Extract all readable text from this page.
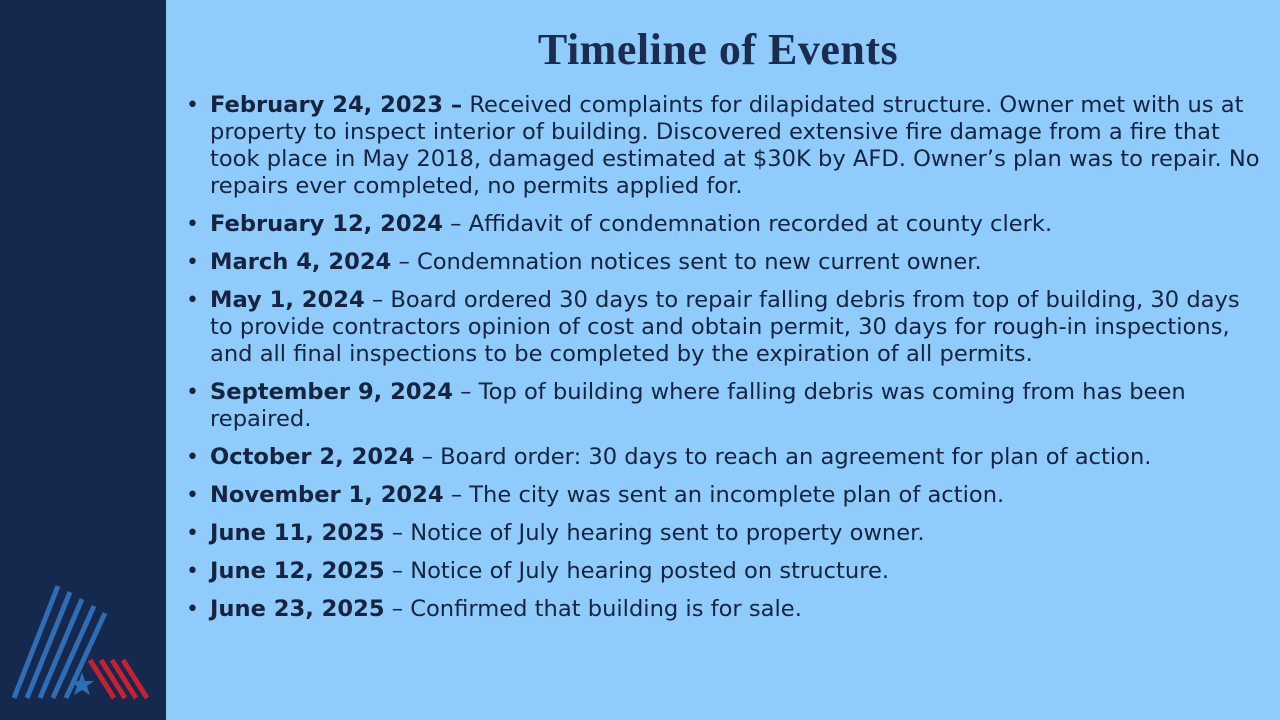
Timeline of Events
• February 24, 2023 – Received complaints for dilapidated structure. Owner met with us at property to inspect interior of building. Discovered extensive fire damage from a fire that took place in May 2018, damaged estimated at $30K by AFD. Owner’s plan was to repair. No repairs ever completed, no permits applied for.
• February 12, 2024 – Affidavit of condemnation recorded at county clerk.
• March 4, 2024 – Condemnation notices sent to new current owner.
• May 1, 2024 – Board ordered 30 days to repair falling debris from top of building, 30 days to provide contractors opinion of cost and obtain permit, 30 days for rough-in inspections, and all final inspections to be completed by the expiration of all permits.
• September 9, 2024 – Top of building where falling debris was coming from has been repaired.
• October 2, 2024 – Board order: 30 days to reach an agreement for plan of action.
• November 1, 2024 – The city was sent an incomplete plan of action.
• June 11, 2025 – Notice of July hearing sent to property owner.
• June 12, 2025 – Notice of July hearing posted on structure.
• June 23, 2025 – Confirmed that building is for sale.
